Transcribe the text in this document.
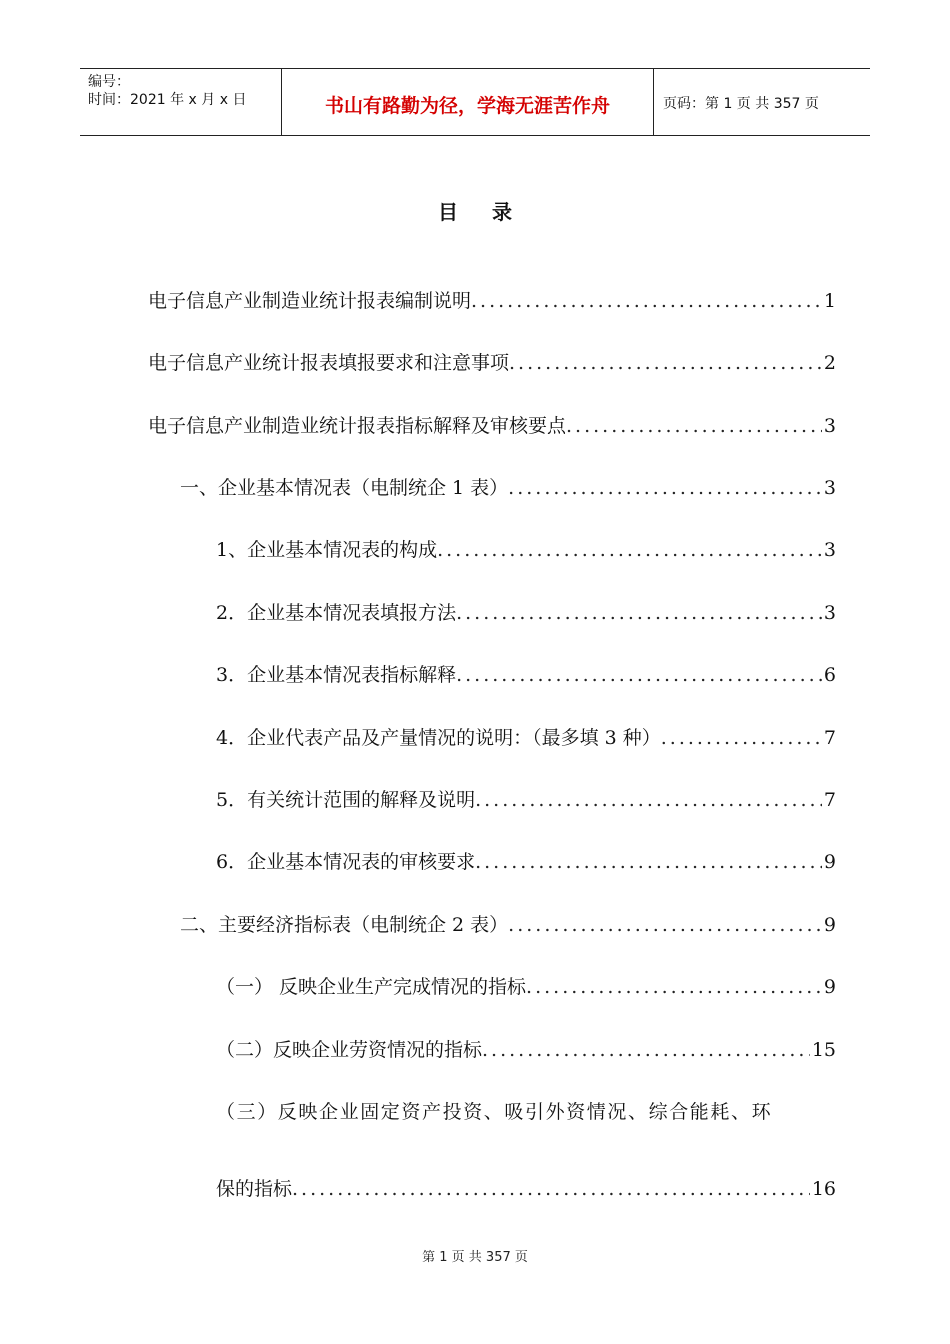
编号：
时间：2021 年 x 月 x 日	书山有路勤为径，学海无涯苦作舟	页码：第 1 页 共 357 页
目录
电子信息产业制造业统计报表编制说明 .....	1
电子信息产业统计报表填报要求和注意事项 .....	2
电子信息产业制造业统计报表指标解释及审核要点 .....	3
一、企业基本情况表（电制统企 1 表） .....	3
1、企业基本情况表的构成 .....	3
2．企业基本情况表填报方法 .....	3
3．企业基本情况表指标解释 .....	6
4．企业代表产品及产量情况的说明：（最多填 3 种） .....	7
5．有关统计范围的解释及说明 .....	7
6．企业基本情况表的审核要求 .....	9
二、主要经济指标表（电制统企 2 表） .....	9
（一） 反映企业生产完成情况的指标 .....	9
（二）反映企业劳资情况的指标 .....	15
（三）反映企业固定资产投资、吸引外资情况、综合能耗、环
保的指标 .....	16
第 1 页 共 357 页
